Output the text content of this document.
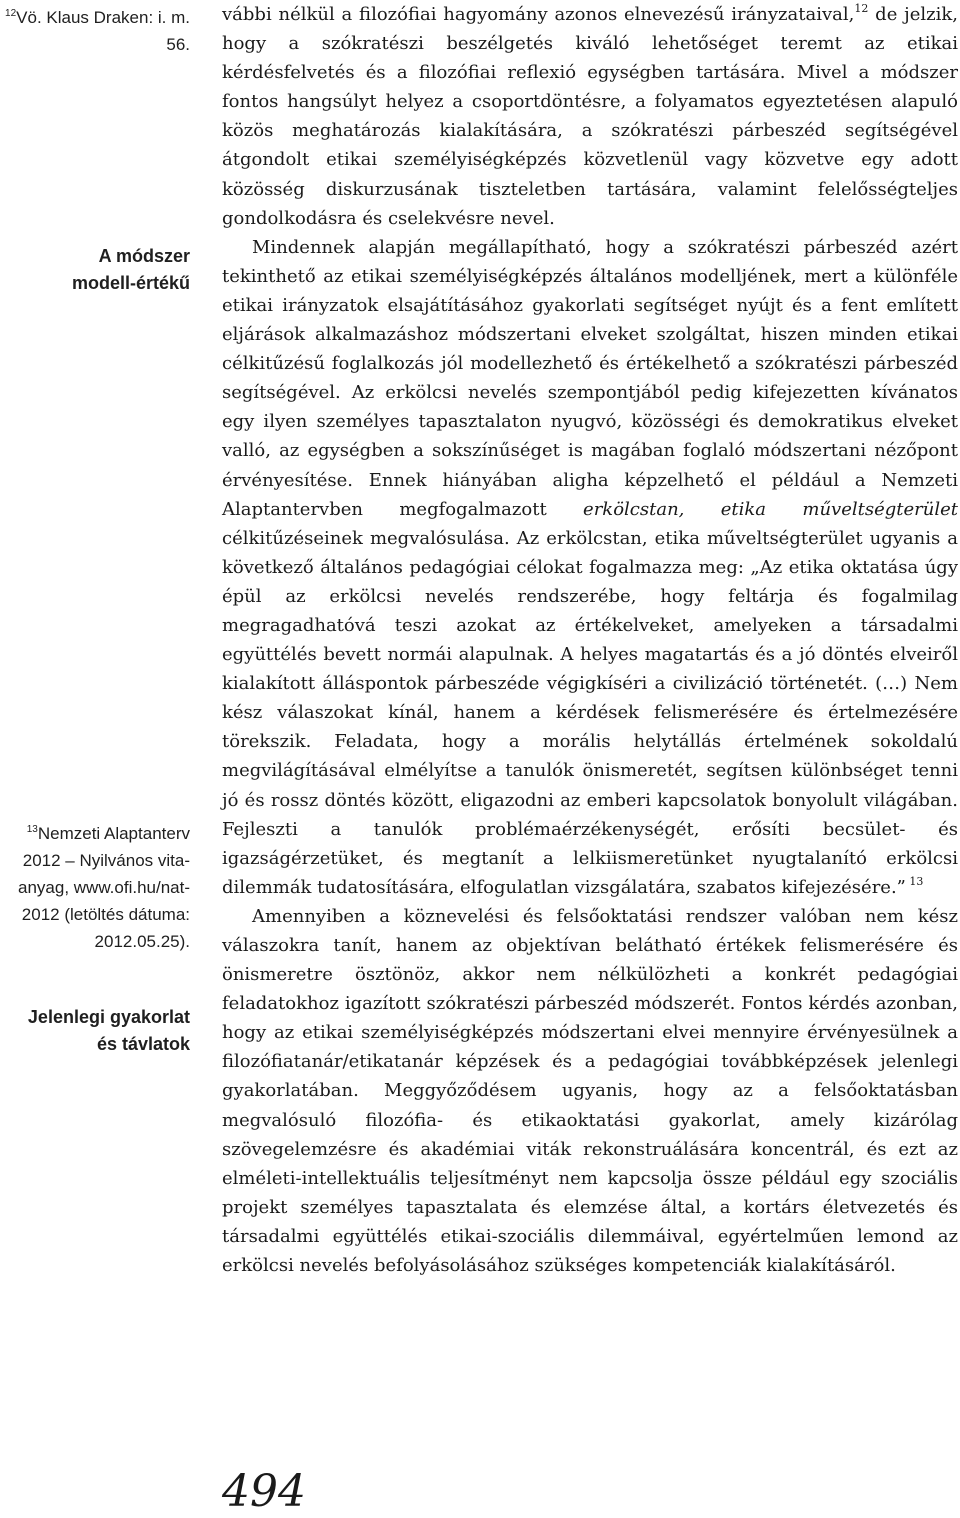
$^{12}$Vö. Klaus Draken: i. m. 56.
A módszer
modell-értékű
$^{13}$Nemzeti Alaptanterv 2012 – Nyilvános vita-anyag, www.ofi.hu/nat-2012 (letöltés dátuma: 2012.05.25).
Jelenlegi gyakorlat
és távlatok

vábbi nélkül a filozófiai hagyomány azonos elnevezésű irányzataival,$^{12}$ de jelzik, hogy a szókratészi beszélgetés kiváló lehetőséget teremt az etikai kérdésfelvetés és a filozófiai reflexió egységben tartására. Mivel a módszer fontos hangsúlyt helyez a csoportdöntésre, a folyamatos egyeztetésen alapuló közös meghatározás kialakítására, a szókratészi párbeszéd segítségével átgondolt etikai személyiségképzés közvetlenül vagy közvetve egy adott közösség diskurzusának tiszteletben tartására, valamint felelősségteljes gondolkodásra és cselekvésre nevel.

Mindennek alapján megállapítható, hogy a szókratészi párbeszéd azért tekinthető az etikai személyiségképzés általános modelljének, mert a különféle etikai irányzatok elsajátításához gyakorlati segítséget nyújt és a fent említett eljárások alkalmazáshoz módszertani elveket szolgáltat, hiszen minden etikai célkitűzésű foglalkozás jól modellezhető és értékelhető a szókratészi párbeszéd segítségével. Az erkölcsi nevelés szempontjából pedig kifejezetten kívánatos egy ilyen személyes tapasztalaton nyugvó, közösségi és demokratikus elveket valló, az egységben a sokszínűséget is magában foglaló módszertani nézőpont érvényesítése. Ennek hiányában aligha képzelhető el például a Nemzeti Alaptantervben megfogalmazott erkölcstan, etika műveltségterület célkitűzéseinek megvalósulása. Az erkölcstan, etika műveltségterület ugyanis a következő általános pedagógiai célokat fogalmazza meg: „Az etika oktatása úgy épül az erkölcsi nevelés rendszerébe, hogy feltárja és fogalmilag megragadhatóvá teszi azokat az értékelveket, amelyeken a társadalmi együttélés bevett normái alapulnak. A helyes magatartás és a jó döntés elveiről kialakított álláspontok párbeszéde végigkíséri a civilizáció történetét. (…) Nem kész válaszokat kínál, hanem a kérdések felismerésére és értelmezésére törekszik. Feladata, hogy a morális helytállás értelmének sokoldalú megvilágításával elmélyítse a tanulók önismeretét, segítsen különbséget tenni jó és rossz döntés között, eligazodni az emberi kapcsolatok bonyolult világában. Fejleszti a tanulók problémaérzékenységét, erősíti becsület- és igazságérzetüket, és megtanít a lelkiismeretünket nyugtalanító erkölcsi dilemmák tudatosítására, elfogulatlan vizsgálatára, szabatos kifejezésére.” $^{13}$

Amennyiben a köznevelési és felsőoktatási rendszer valóban nem kész válaszokra tanít, hanem az objektívan belátható értékek felismerésére és önismeretre ösztönöz, akkor nem nélkülözheti a konkrét pedagógiai feladatokhoz igazított szókratészi párbeszéd módszerét. Fontos kérdés azonban, hogy az etikai személyiségképzés módszertani elvei mennyire érvényesülnek a filozófiatanár/etikatanár képzések és a pedagógiai továbbképzések jelenlegi gyakorlatában. Meggyőződésem ugyanis, hogy az a felsőoktatásban megvalósuló filozófia- és etikaoktatási gyakorlat, amely kizárólag szövegelemzésre és akadémiai viták rekonstruálására koncentrál, és ezt az elméleti-intellektuális teljesítményt nem kapcsolja össze például egy szociális projekt személyes tapasztalata és elemzése által, a kortárs életvezetés és társadalmi együttélés etikai-szociális dilemmáival, egyértelműen lemond az erkölcsi nevelés befolyásolásához szükséges kompetenciák kialakításáról.

494
